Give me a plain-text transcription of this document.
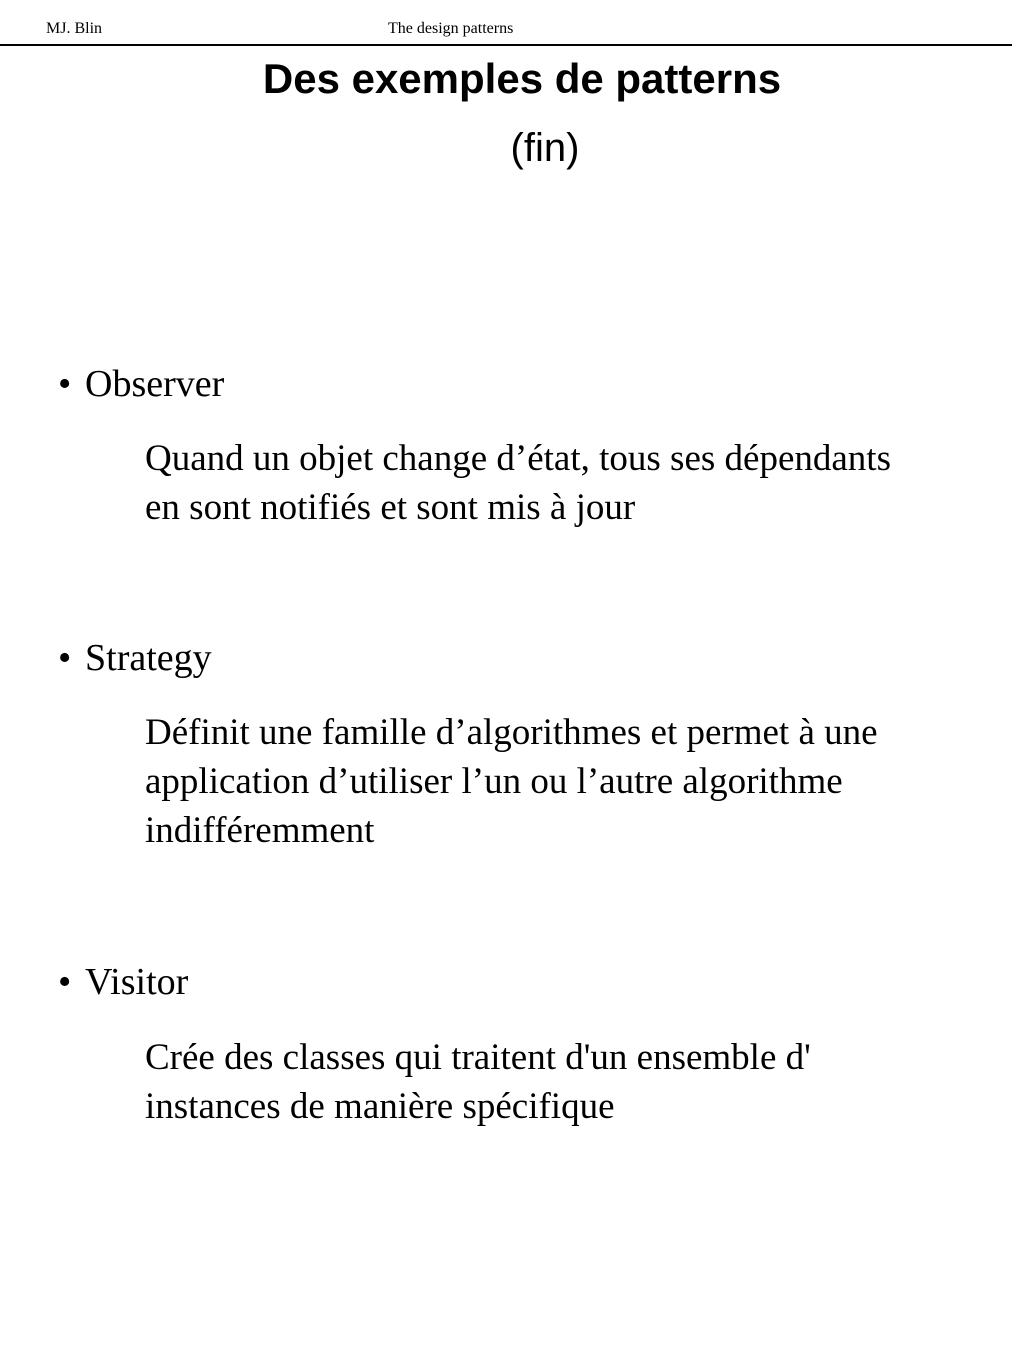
MJ. Blin	The design patterns
Des exemples de patterns
(fin)
• Observer
Quand un objet change d’état, tous ses dépendants
en sont notifiés et sont mis à jour
• Strategy
Définit une famille d’algorithmes et permet à une
application d’utiliser l’un ou l’autre algorithme
indifféremment
• Visitor
Crée des classes qui traitent d'un ensemble d'
instances de manière spécifique
